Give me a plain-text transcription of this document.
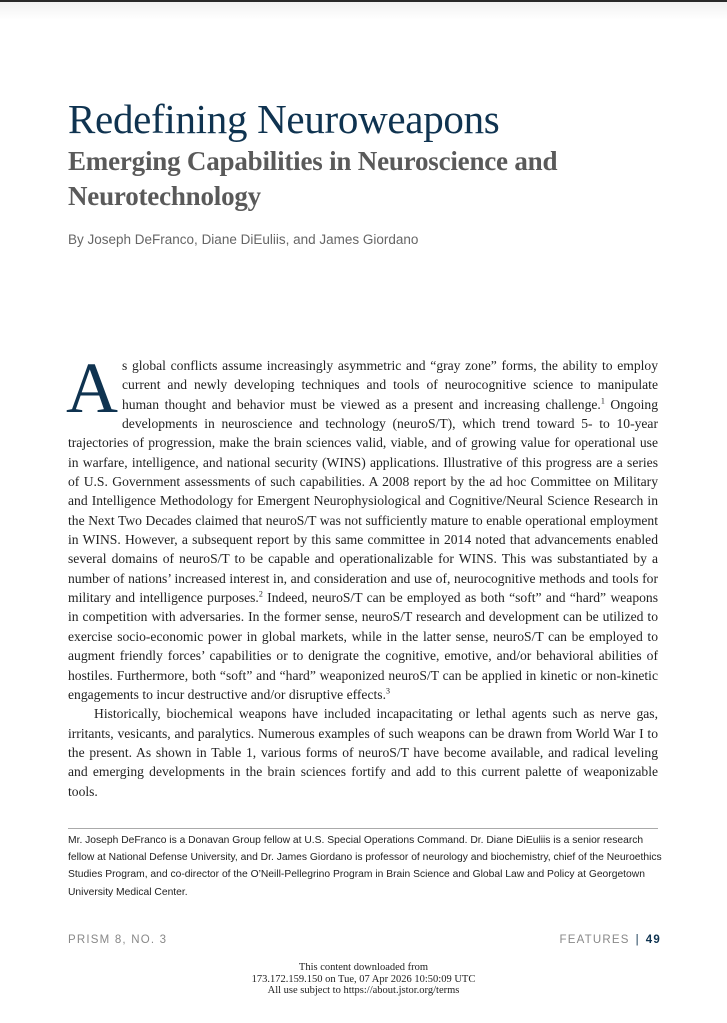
Redefining Neuroweapons
Emerging Capabilities in Neuroscience and Neurotechnology
By Joseph DeFranco, Diane DiEuliis, and James Giordano

As global conflicts assume increasingly asymmetric and “gray zone” forms, the ability to employ current and newly developing techniques and tools of neurocognitive science to manipulate human thought and behavior must be viewed as a present and increasing challenge.$^1$ Ongoing developments in neuroscience and technology (neuroS/T), which trend toward 5- to 10-year trajectories of progression, make the brain sciences valid, viable, and of growing value for operational use in warfare, intelligence, and national security (WINS) applications. Illustrative of this progress are a series of U.S. Government assessments of such capabilities. A 2008 report by the ad hoc Committee on Military and Intelligence Methodology for Emergent Neurophysiological and Cognitive/Neural Science Research in the Next Two Decades claimed that neuroS/T was not sufficiently mature to enable operational employment in WINS. However, a subsequent report by this same committee in 2014 noted that advancements enabled several domains of neuroS/T to be capable and operationalizable for WINS. This was substantiated by a number of nations’ increased interest in, and consideration and use of, neurocognitive methods and tools for military and intelligence purposes.$^2$ Indeed, neuroS/T can be employed as both “soft” and “hard” weapons in competition with adversaries. In the former sense, neuroS/T research and development can be utilized to exercise socio-economic power in global markets, while in the latter sense, neuroS/T can be employed to augment friendly forces’ capabilities or to denigrate the cognitive, emotive, and/or behavioral abilities of hostiles. Furthermore, both “soft” and “hard” weaponized neuroS/T can be applied in kinetic or non-kinetic engagements to incur destructive and/or disruptive effects.$^3$

Historically, biochemical weapons have included incapacitating or lethal agents such as nerve gas, irritants, vesicants, and paralytics. Numerous examples of such weapons can be drawn from World War I to the present. As shown in Table 1, various forms of neuroS/T have become available, and radical leveling and emerging developments in the brain sciences fortify and add to this current palette of weaponizable tools.

Mr. Joseph DeFranco is a Donavan Group fellow at U.S. Special Operations Command. Dr. Diane DiEuliis is a senior research fellow at National Defense University, and Dr. James Giordano is professor of neurology and biochemistry, chief of the Neuroethics Studies Program, and co-director of the O’Neill-Pellegrino Program in Brain Science and Global Law and Policy at Georgetown University Medical Center.
PRISM 8, NO. 3	FEATURES | 49
This content downloaded from
173.172.159.150 on Tue, 07 Apr 2026 10:50:09 UTC
All use subject to https://about.jstor.org/terms
